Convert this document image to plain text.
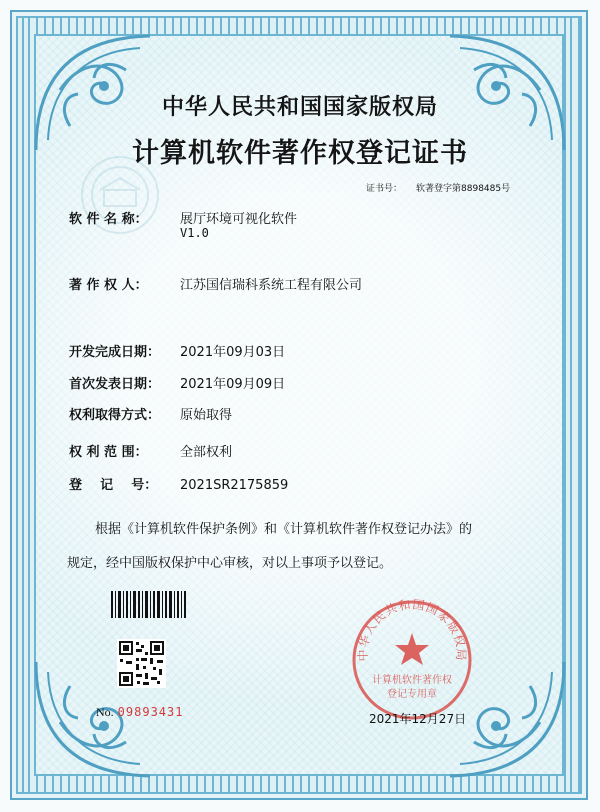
中华人民共和国国家版权局
计算机软件著作权登记证书
证书号： 软著登字第8898485号
软 件 名 称： 展厅环境可视化软件
V1.0
著 作 权 人： 江苏国信瑞科系统工程有限公司
开发完成日期： 2021年09月03日
首次发表日期： 2021年09月09日
权利取得方式： 原始取得
权 利 范 围： 全部权利
登    记    号： 2021SR2175859
根据《计算机软件保护条例》和《计算机软件著作权登记办法》的
规定，经中国版权保护中心审核，对以上事项予以登记。
No. 09893431
中华人民共和国国家版权局
计算机软件著作权
登记专用章
2021年12月27日
